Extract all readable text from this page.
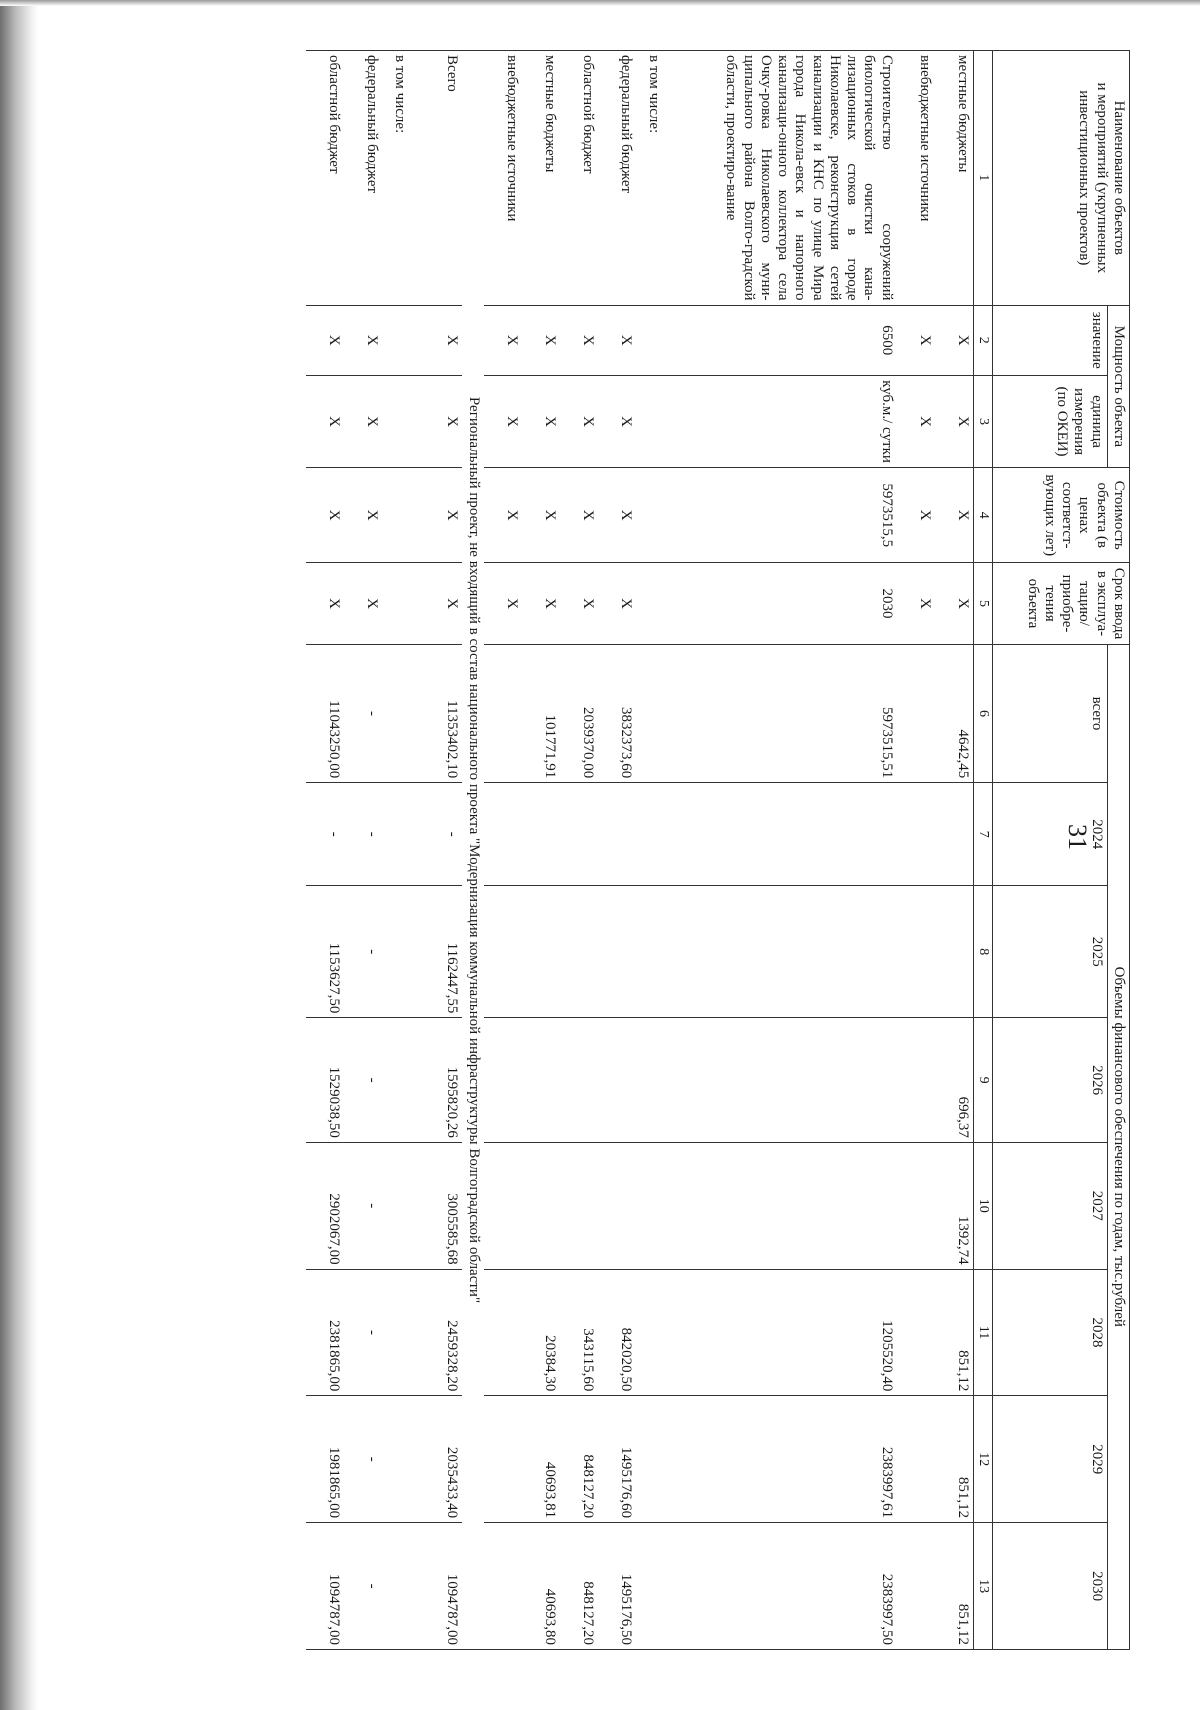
31
Наименование объектов
и мероприятий (укрупненных инвестиционных проектов)	Мощность объекта		Стоимость объекта (в ценах соответст-вующих лет)	Срок ввода в эксплуа-тацию/ приобре-тения объекта	Объемы финансового обеспечения по годам, тыс.рублей							
	значение	единица измерения (по ОКЕИ)			всего	2024	2025	2026	2027	2028	2029	2030
1	2	3	4	5	6	7	8	9	10	11	12	13
местные бюджеты	X	X	X	X	4642,45			696,37	1392,74	851,12	851,12	851,12
внебюджетные источники	X	X	X	X								
Строительство сооружений биологической очистки кана-лизационных стоков в городе Николаевске, реконструкция сетей канализации и КНС по улице Мира города Никола-евск и напорного канализаци-онного коллектора села Очку-ровка Николаевского муни-ципального района Волго-градской области, проектиро-вание	6500	куб.м./ сутки	5973515,5	2030	5973515,51					1205520,40	2383997,61	2383997,50
в том числе:												
федеральный бюджет	X	X	X	X	3832373,60					842020,50	1495176,60	1495176,50
областной бюджет	X	X	X	X	2039370,00					343115,60	848127,20	848127,20
местные бюджеты	X	X	X	X	101771,91					20384,30	40693,81	40693,80
внебюджетные источники	X	X	X	X								
Региональный проект, не входящий в состав национального проекта "Модернизация коммунальной инфраструктуры Волгоградской области"												
Всего	X	X	X	X	11353402,10	-	1162447,55	1595820,26	3005585,68	2459328,20	2035433,40	1094787,00
в том числе:												
федеральный бюджет	X	X	X	X	-	-	-	-	-	-	-	-
областной бюджет	X	X	X	X	11043250,00	-	1153627,50	1529038,50	2902067,00	2381865,00	1981865,00	1094787,00
